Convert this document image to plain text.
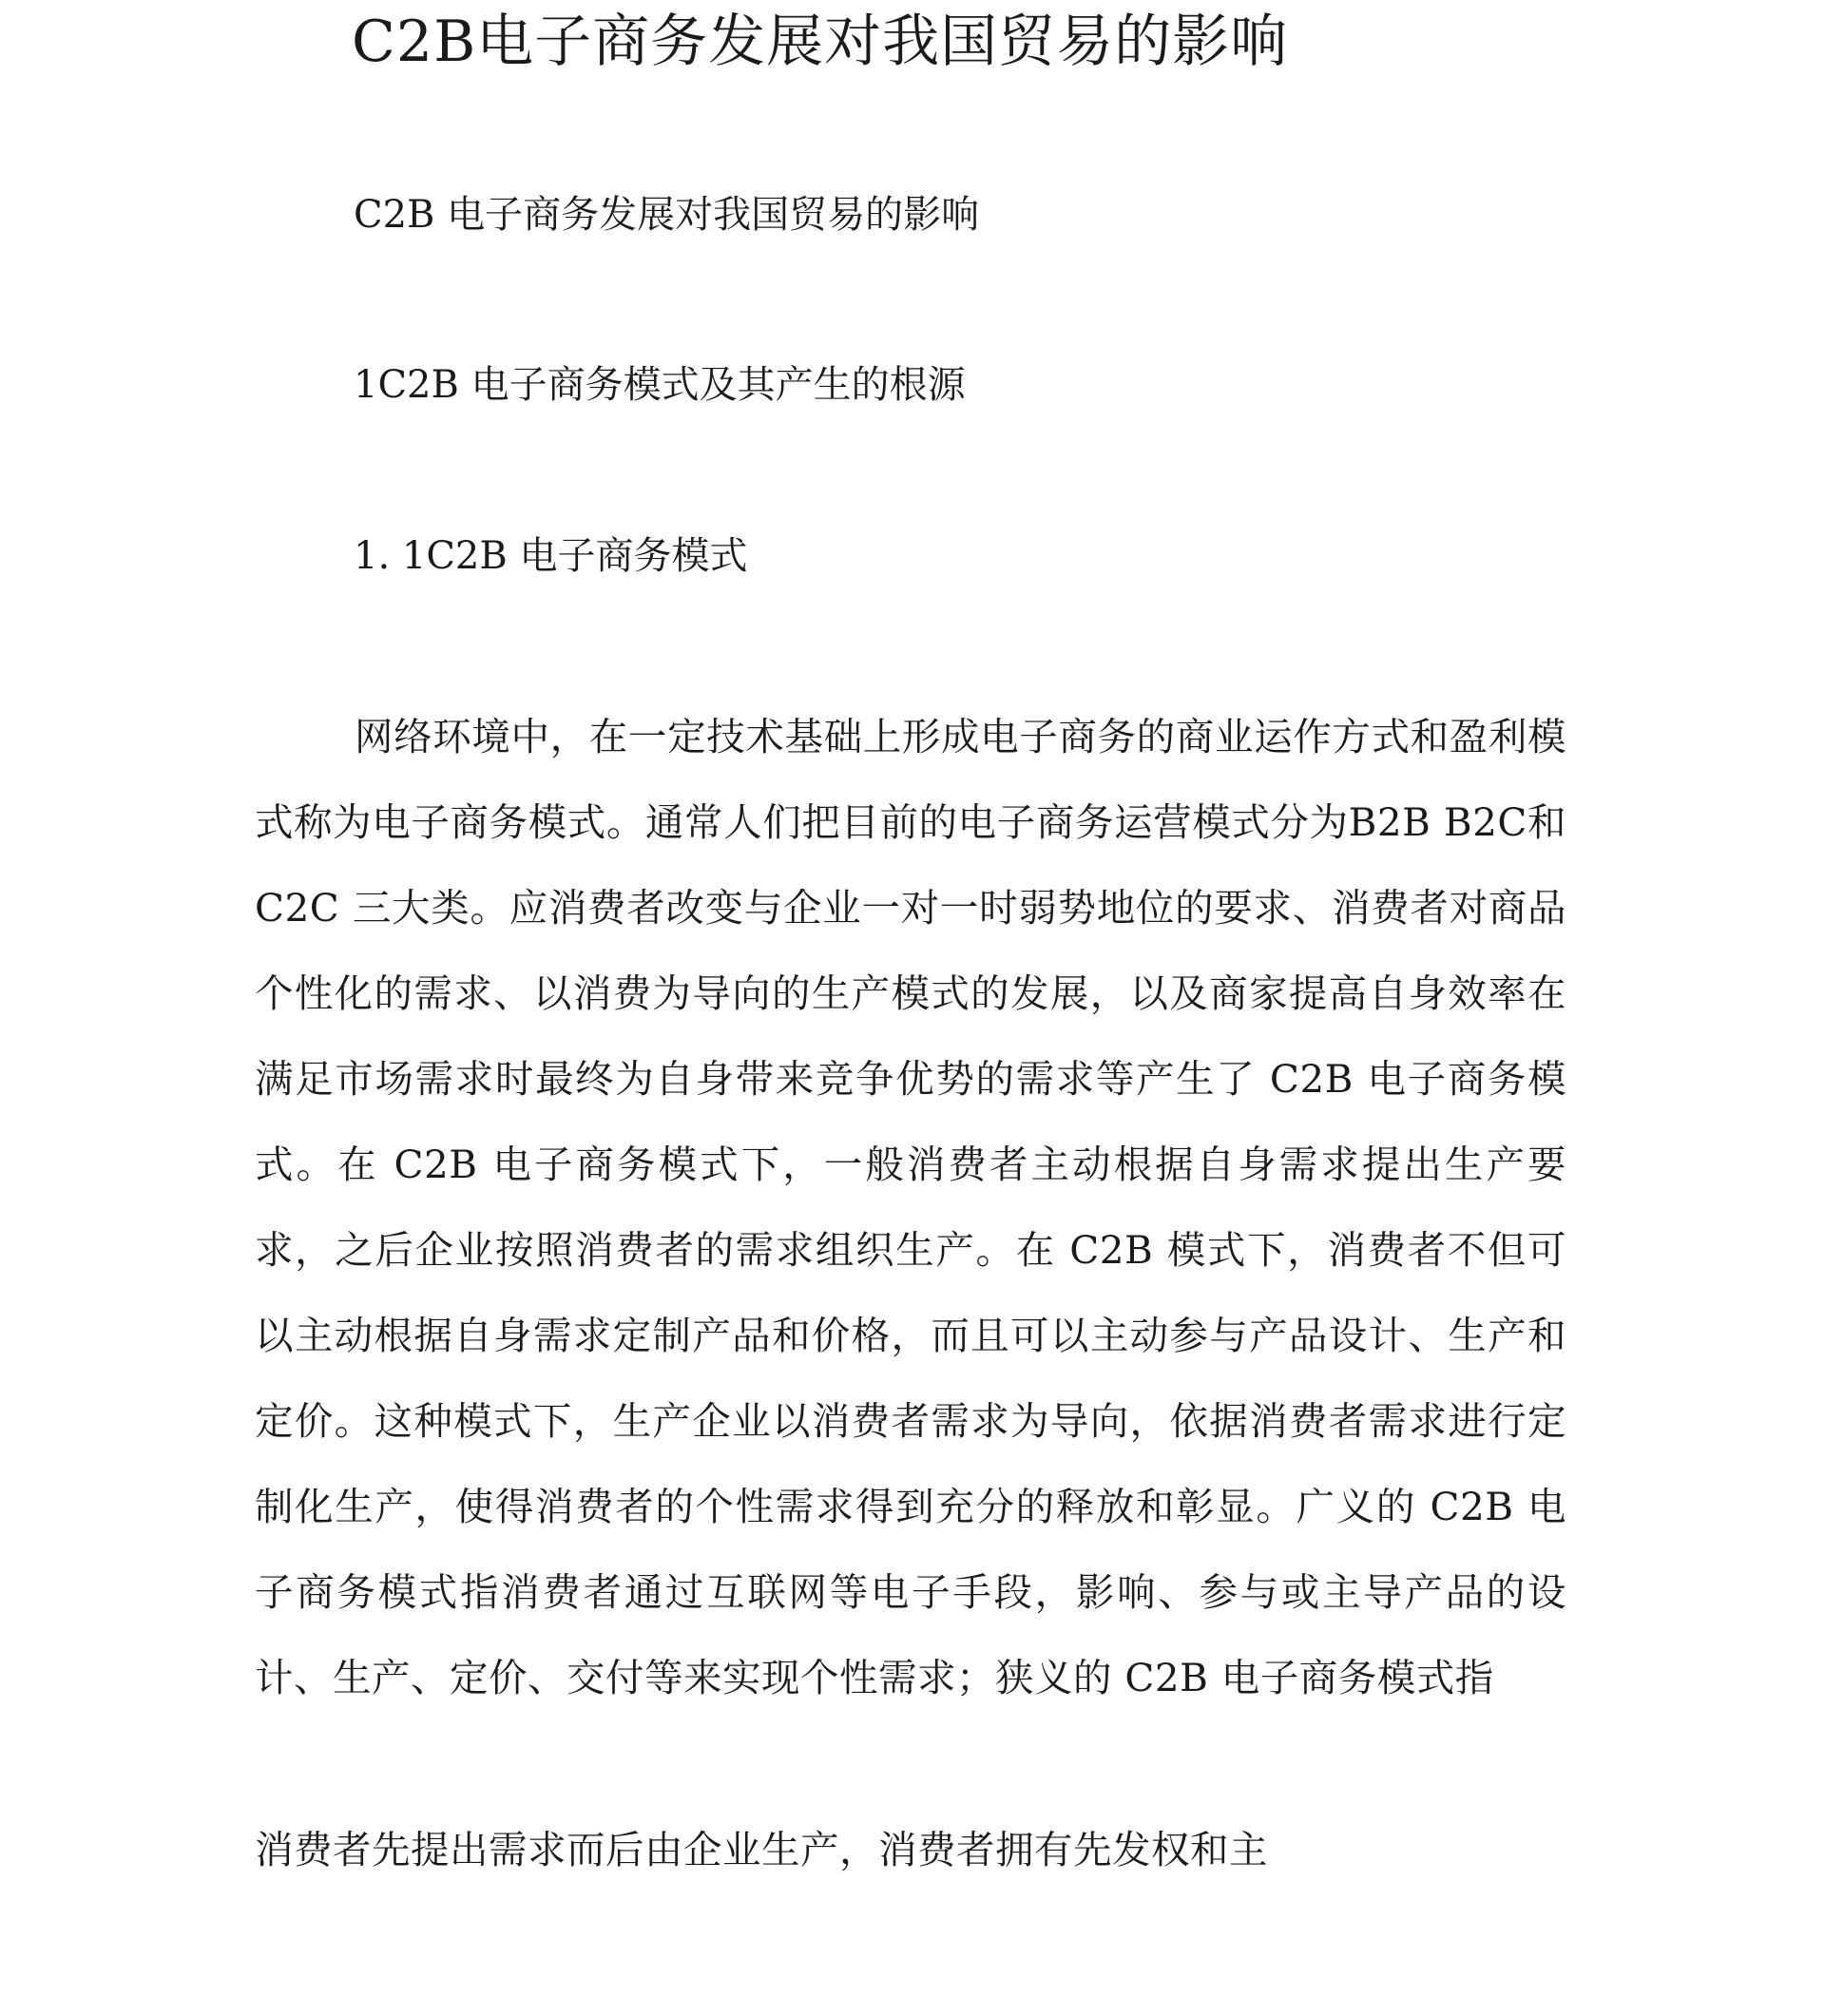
C2B电子商务发展对我国贸易的影响
C2B 电子商务发展对我国贸易的影响
1C2B 电子商务模式及其产生的根源
1. 1C2B 电子商务模式

网络环境中，在一定技术基础上形成电子商务的商业运作方式和盈利模式称为电子商务模式。通常人们把目前的电子商务运营模式分为B2B B2C和 C2C 三大类。应消费者改变与企业一对一时弱势地位的要求、消费者对商品个性化的需求、以消费为导向的生产模式的发展，以及商家提高自身效率在满足市场需求时最终为自身带来竞争优势的需求等产生了 C2B 电子商务模式。在 C2B 电子商务模式下，一般消费者主动根据自身需求提出生产要求，之后企业按照消费者的需求组织生产。在 C2B 模式下，消费者不但可以主动根据自身需求定制产品和价格，而且可以主动参与产品设计、生产和定价。这种模式下，生产企业以消费者需求为导向，依据消费者需求进行定制化生产，使得消费者的个性需求得到充分的释放和彰显。广义的 C2B 电子商务模式指消费者通过互联网等电子手段，影响、参与或主导产品的设计、生产、定价、交付等来实现个性需求；狭义的 C2B 电子商务模式指

消费者先提出需求而后由企业生产，消费者拥有先发权和主
